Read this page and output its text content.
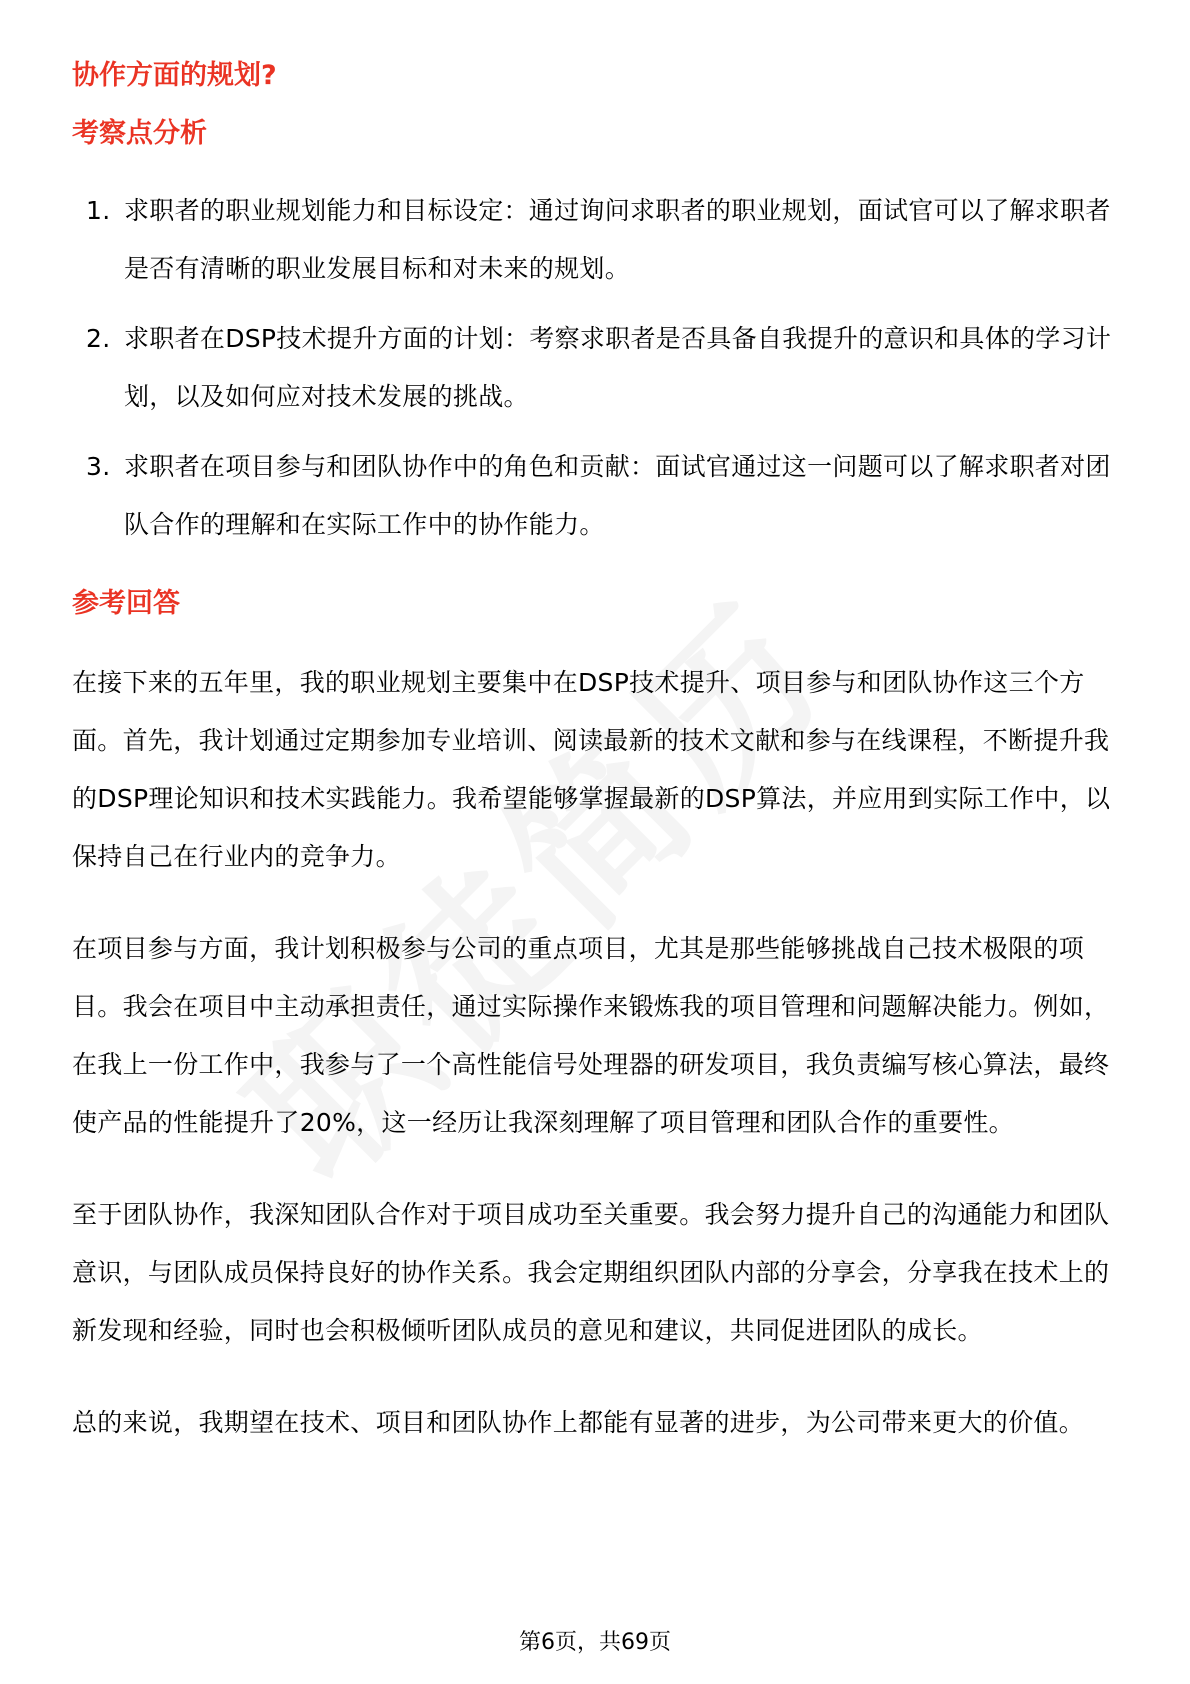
协作方面的规划?

考察点分析

1. 求职者的职业规划能力和目标设定：通过询问求职者的职业规划，面试官可以了解求职者是否有清晰的职业发展目标和对未来的规划。
2. 求职者在DSP技术提升方面的计划：考察求职者是否具备自我提升的意识和具体的学习计划，以及如何应对技术发展的挑战。
3. 求职者在项目参与和团队协作中的角色和贡献：面试官通过这一问题可以了解求职者对团队合作的理解和在实际工作中的协作能力。

参考回答

在接下来的五年里，我的职业规划主要集中在DSP技术提升、项目参与和团队协作这三个方面。首先，我计划通过定期参加专业培训、阅读最新的技术文献和参与在线课程，不断提升我的DSP理论知识和技术实践能力。我希望能够掌握最新的DSP算法，并应用到实际工作中，以保持自己在行业内的竞争力。

在项目参与方面，我计划积极参与公司的重点项目，尤其是那些能够挑战自己技术极限的项目。我会在项目中主动承担责任，通过实际操作来锻炼我的项目管理和问题解决能力。例如，在我上一份工作中，我参与了一个高性能信号处理器的研发项目，我负责编写核心算法，最终使产品的性能提升了20%，这一经历让我深刻理解了项目管理和团队合作的重要性。

至于团队协作，我深知团队合作对于项目成功至关重要。我会努力提升自己的沟通能力和团队意识，与团队成员保持良好的协作关系。我会定期组织团队内部的分享会，分享我在技术上的新发现和经验，同时也会积极倾听团队成员的意见和建议，共同促进团队的成长。

总的来说，我期望在技术、项目和团队协作上都能有显著的进步，为公司带来更大的价值。

第6页，共69页
